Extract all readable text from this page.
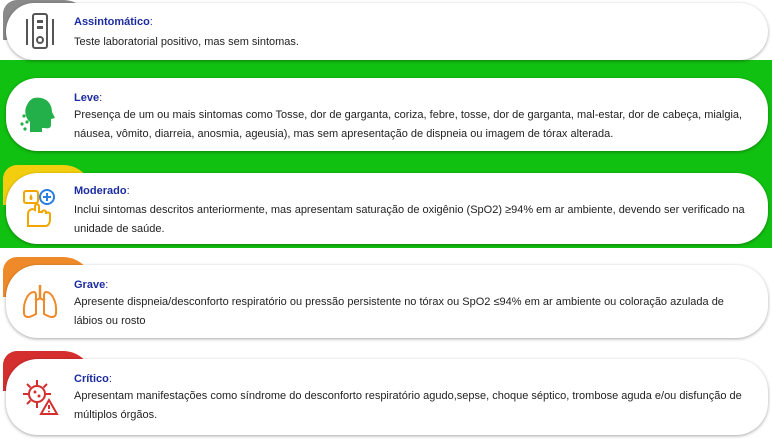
Assintomático:
Teste laboratorial positivo, mas sem sintomas.
Leve:
Presença de um ou mais sintomas como Tosse, dor de garganta, coriza, febre, tosse, dor de garganta, mal-estar, dor de cabeça, mialgia, náusea, vômito, diarreia, anosmia, ageusia), mas sem apresentação de dispneia ou imagem de tórax alterada.
Moderado:
Inclui sintomas descritos anteriormente, mas apresentam saturação de oxigênio (SpO2) ≥94% em ar ambiente, devendo ser verificado na unidade de saúde.
Grave:
Apresente dispneia/desconforto respiratório ou pressão persistente no tórax ou SpO2 ≤94% em ar ambiente ou coloração azulada de lábios ou rosto
Crítico:
Apresentam manifestações como síndrome do desconforto respiratório agudo,sepse, choque séptico, trombose aguda e/ou disfunção de múltiplos órgãos.
